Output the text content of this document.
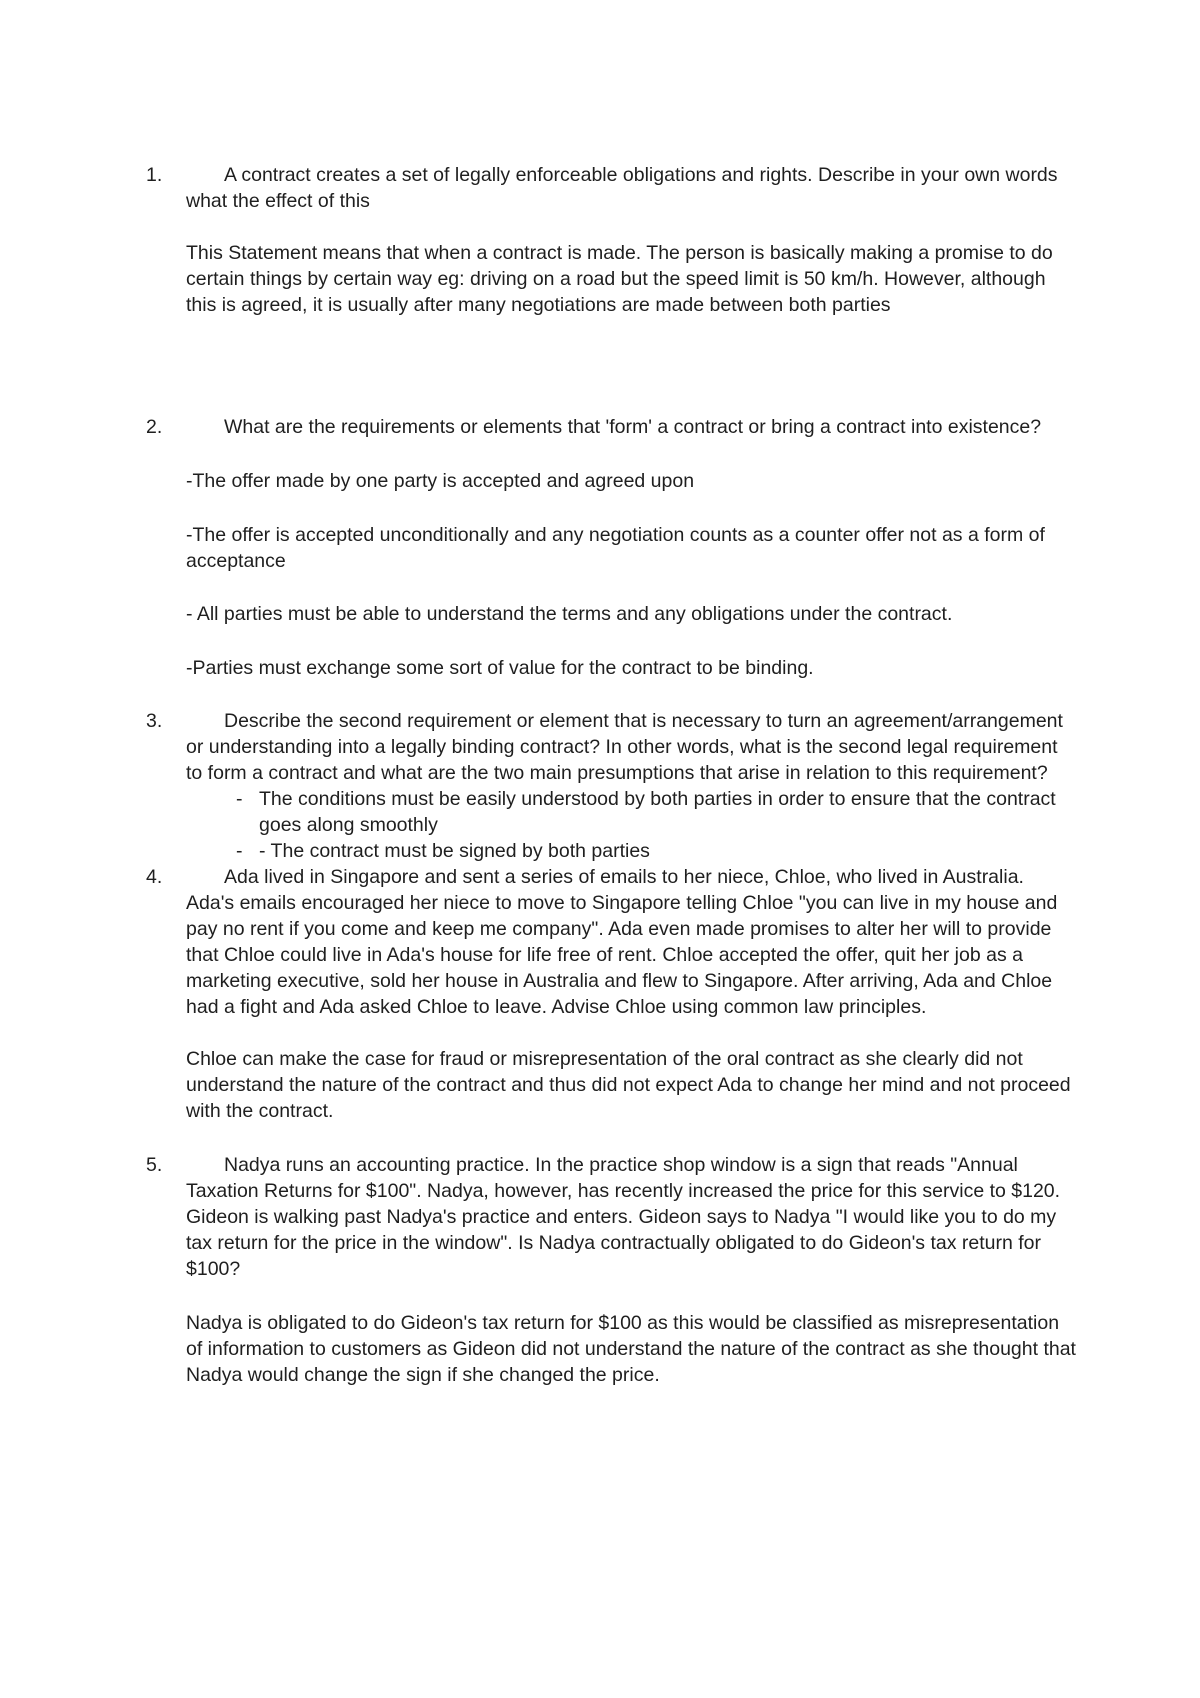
1.	A contract creates a set of legally enforceable obligations and rights. Describe in your own words what the effect of this
This Statement means that when a contract is made. The person is basically making a promise to do certain things by certain way eg: driving on a road but the speed limit is 50 km/h. However, although this is agreed, it is usually after many negotiations are made between both parties
2.	What are the requirements or elements that 'form' a contract or bring a contract into existence?
-The offer made by one party is accepted and agreed upon
-The offer is accepted unconditionally and any negotiation counts as a counter offer not as a form of acceptance
- All parties must be able to understand the terms and any obligations under the contract.
-Parties must exchange some sort of value for the contract to be binding.
3.	Describe the second requirement or element that is necessary to turn an agreement/arrangement or understanding into a legally binding contract? In other words, what is the second legal requirement to form a contract and what are the two main presumptions that arise in relation to this requirement?
- The conditions must be easily understood by both parties in order to ensure that the contract goes along smoothly
- - The contract must be signed by both parties
4.	Ada lived in Singapore and sent a series of emails to her niece, Chloe, who lived in Australia. Ada's emails encouraged her niece to move to Singapore telling Chloe "you can live in my house and pay no rent if you come and keep me company". Ada even made promises to alter her will to provide that Chloe could live in Ada's house for life free of rent. Chloe accepted the offer, quit her job as a marketing executive, sold her house in Australia and flew to Singapore. After arriving, Ada and Chloe had a fight and Ada asked Chloe to leave. Advise Chloe using common law principles.
Chloe can make the case for fraud or misrepresentation of the oral contract as she clearly did not understand the nature of the contract and thus did not expect Ada to change her mind and not proceed with the contract.
5.	Nadya runs an accounting practice. In the practice shop window is a sign that reads "Annual Taxation Returns for $100". Nadya, however, has recently increased the price for this service to $120. Gideon is walking past Nadya's practice and enters. Gideon says to Nadya "I would like you to do my tax return for the price in the window". Is Nadya contractually obligated to do Gideon's tax return for $100?
Nadya is obligated to do Gideon's tax return for $100 as this would be classified as misrepresentation of information to customers as Gideon did not understand the nature of the contract as she thought that Nadya would change the sign if she changed the price.
